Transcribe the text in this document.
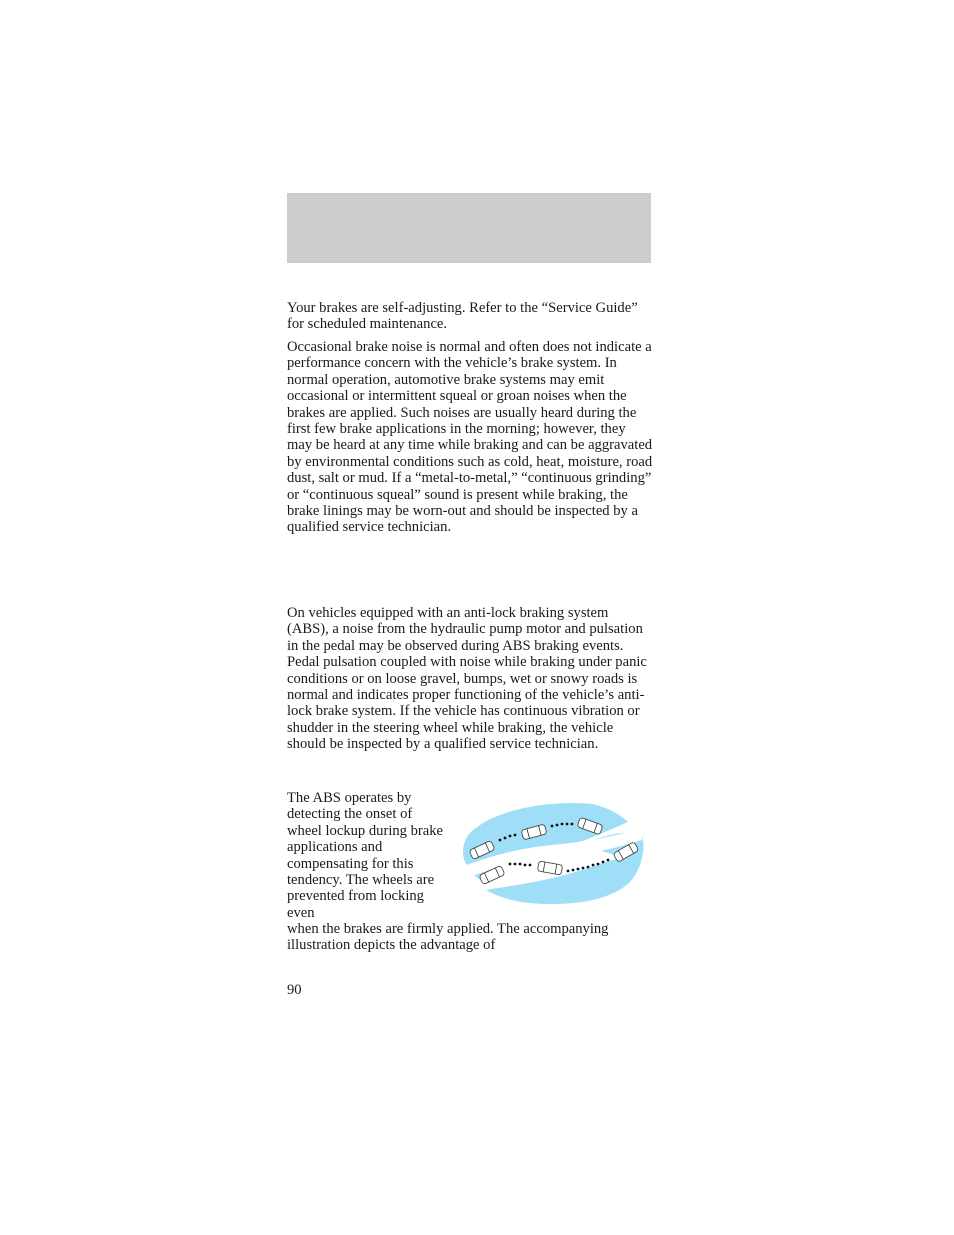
Your brakes are self-adjusting. Refer to the “Service Guide” for scheduled maintenance.

Occasional brake noise is normal and often does not indicate a performance concern with the vehicle’s brake system. In normal operation, automotive brake systems may emit occasional or intermittent squeal or groan noises when the brakes are applied. Such noises are usually heard during the first few brake applications in the morning; however, they may be heard at any time while braking and can be aggravated by environmental conditions such as cold, heat, moisture, road dust, salt or mud. If a “metal-to-metal,” “continuous grinding” or “continuous squeal” sound is present while braking, the brake linings may be worn-out and should be inspected by a qualified service technician.

On vehicles equipped with an anti-lock braking system (ABS), a noise from the hydraulic pump motor and pulsation in the pedal may be observed during ABS braking events. Pedal pulsation coupled with noise while braking under panic conditions or on loose gravel, bumps, wet or snowy roads is normal and indicates proper functioning of the vehicle’s anti-lock brake system. If the vehicle has continuous vibration or shudder in the steering wheel while braking, the vehicle should be inspected by a qualified service technician.

The ABS operates by detecting the onset of wheel lockup during brake applications and compensating for this tendency. The wheels are prevented from locking even

when the brakes are firmly applied. The accompanying illustration depicts the advantage of

90
